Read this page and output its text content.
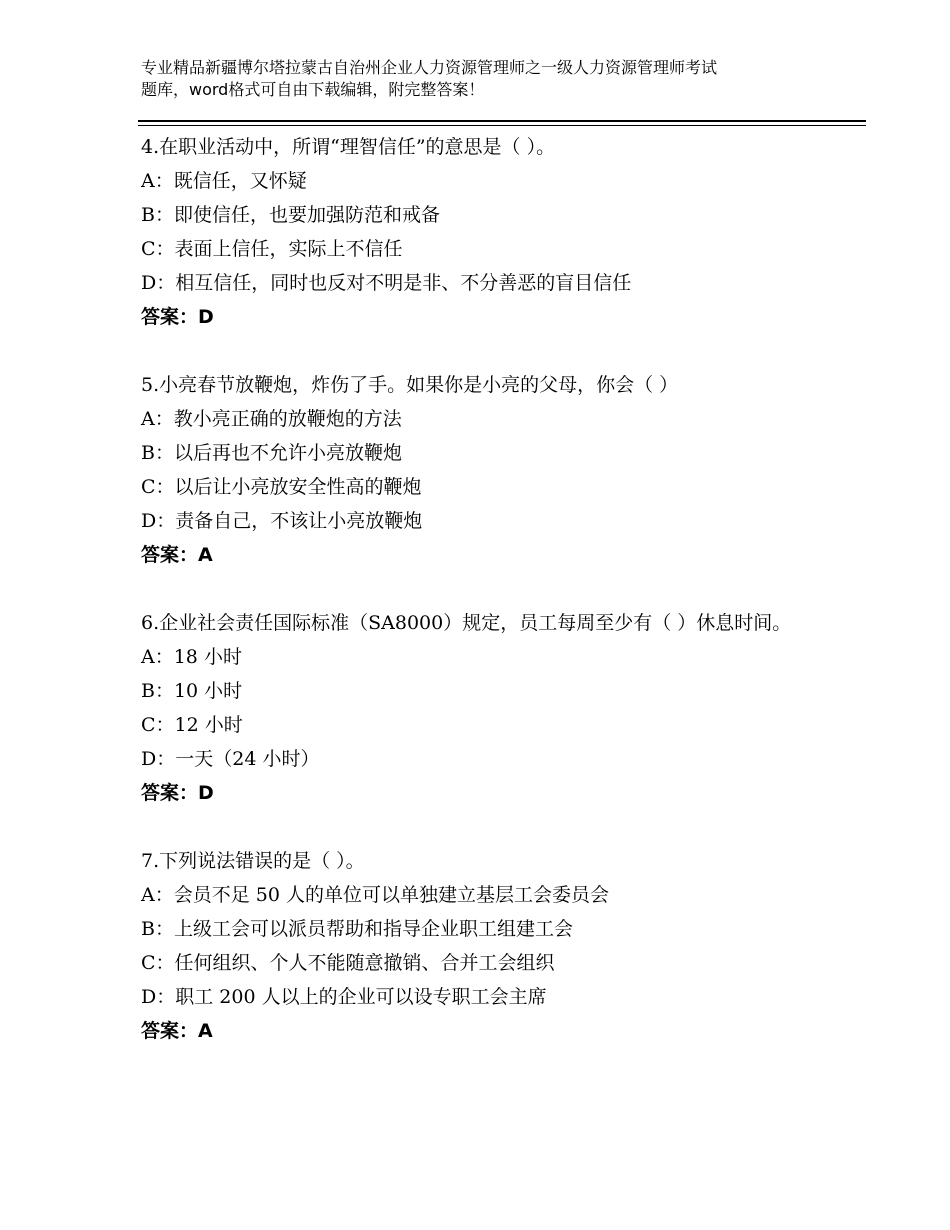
专业精品新疆博尔塔拉蒙古自治州企业人力资源管理师之一级人力资源管理师考试
题库，word格式可自由下载编辑，附完整答案！
4.在职业活动中，所谓“理智信任”的意思是（ ）。
A：既信任，又怀疑
B：即使信任，也要加强防范和戒备
C：表面上信任，实际上不信任
D：相互信任，同时也反对不明是非、不分善恶的盲目信任
答案：D
5.小亮春节放鞭炮，炸伤了手。如果你是小亮的父母，你会（ ）
A：教小亮正确的放鞭炮的方法
B：以后再也不允许小亮放鞭炮
C：以后让小亮放安全性高的鞭炮
D：责备自己，不该让小亮放鞭炮
答案：A
6.企业社会责任国际标准（SA8000）规定，员工每周至少有（ ）休息时间。
A：18 小时
B：10 小时
C：12 小时
D：一天（24 小时）
答案：D
7.下列说法错误的是（ ）。
A：会员不足 50 人的单位可以单独建立基层工会委员会
B：上级工会可以派员帮助和指导企业职工组建工会
C：任何组织、个人不能随意撤销、合并工会组织
D：职工 200 人以上的企业可以设专职工会主席
答案：A
